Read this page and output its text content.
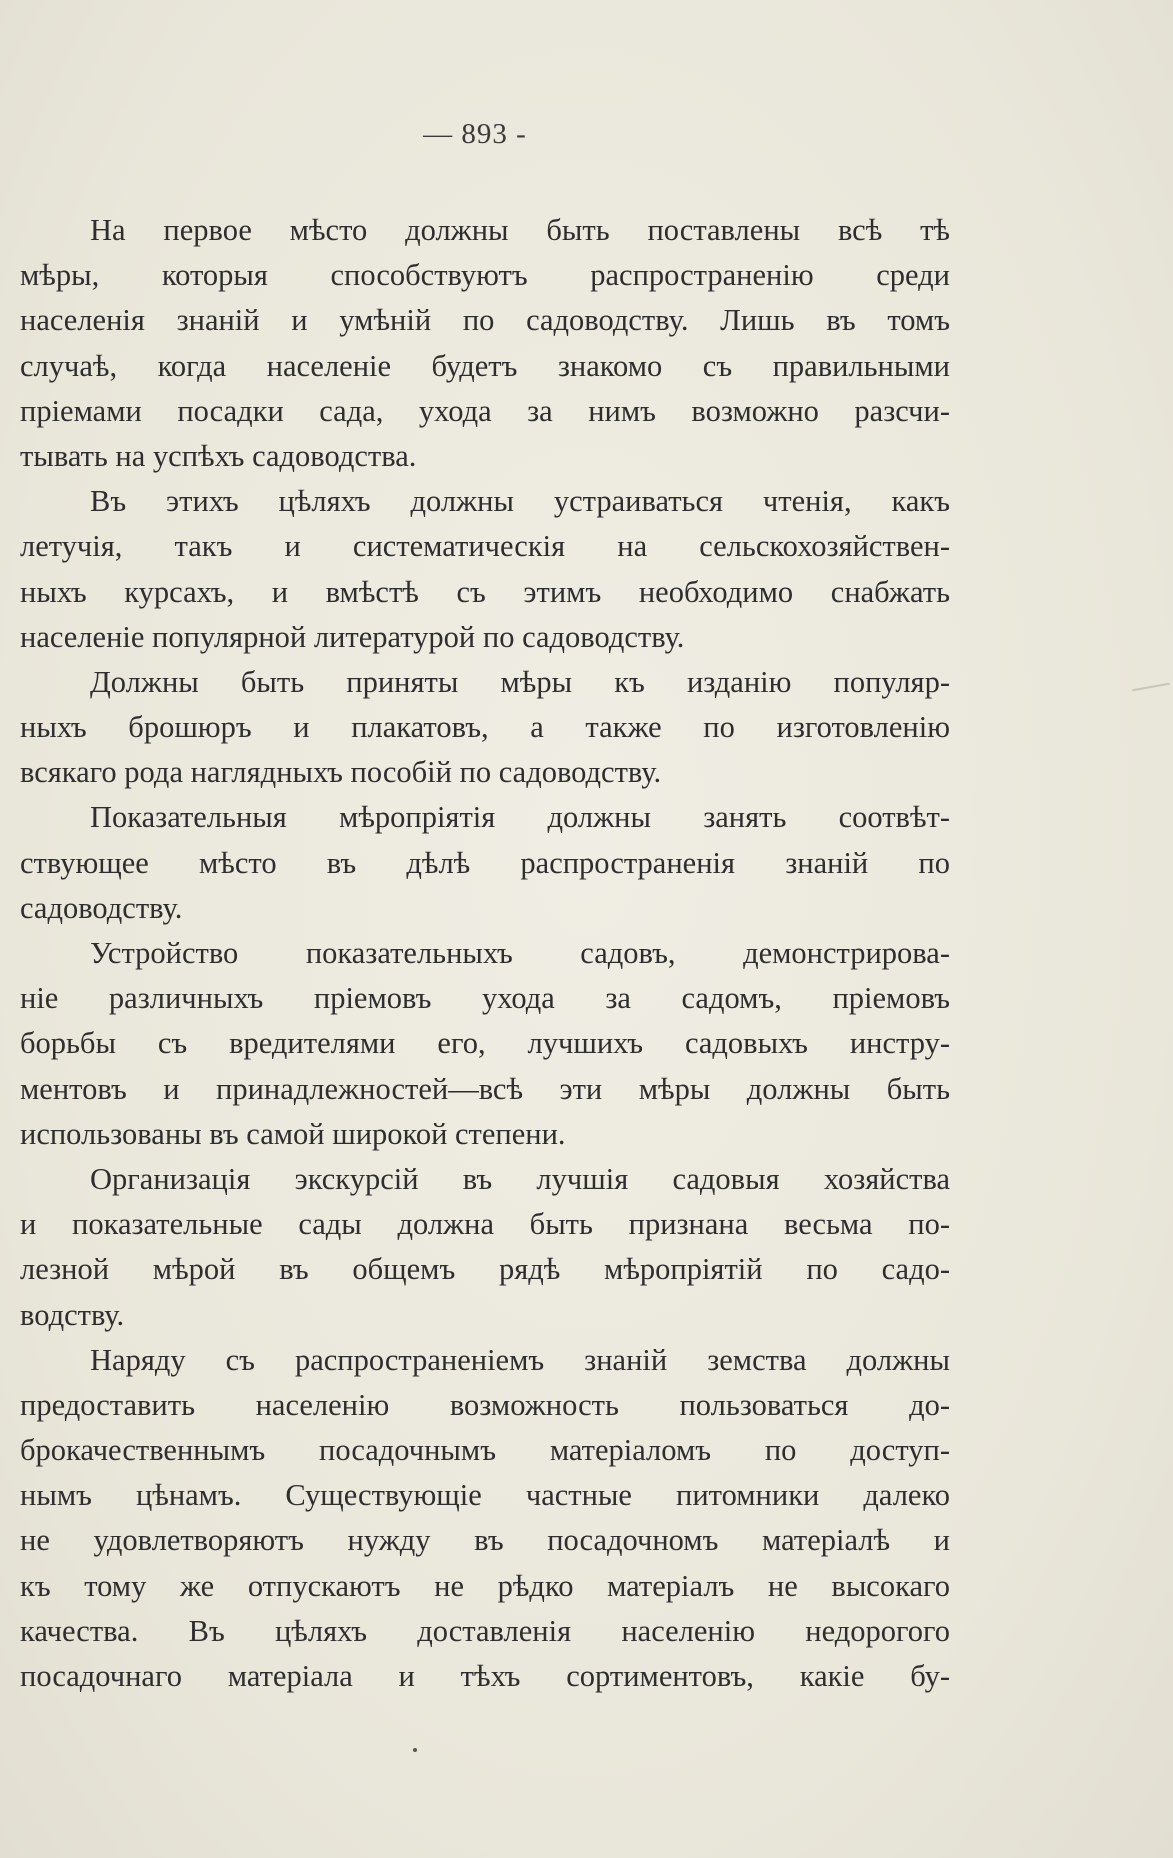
— 893 -
На первое мѣсто должны быть поставлены всѣ тѣ
мѣры, которыя способствуютъ распространенію среди
населенія знаній и умѣній по садоводству. Лишь въ томъ
случаѣ, когда населеніе будетъ знакомо съ правильными
пріемами посадки сада, ухода за нимъ возможно разсчи-
тывать на успѣхъ садоводства.
Въ этихъ цѣляхъ должны устраиваться чтенія, какъ
летучія, такъ и систематическія на сельскохозяйствен-
ныхъ курсахъ, и вмѣстѣ съ этимъ необходимо снабжать
населеніе популярной литературой по садоводству.
Должны быть приняты мѣры къ изданію популяр-
ныхъ брошюръ и плакатовъ, а также по изготовленію
всякаго рода наглядныхъ пособій по садоводству.
Показательныя мѣропріятія должны занять соотвѣт-
ствующее мѣсто въ дѣлѣ распространенія знаній по
садоводству.
Устройство показательныхъ садовъ, демонстрирова-
ніе различныхъ пріемовъ ухода за садомъ, пріемовъ
борьбы съ вредителями его, лучшихъ садовыхъ инстру-
ментовъ и принадлежностей—всѣ эти мѣры должны быть
использованы въ самой широкой степени.
Организація экскурсій въ лучшія садовыя хозяйства
и показательные сады должна быть признана весьма по-
лезной мѣрой въ общемъ рядѣ мѣропріятій по садо-
водству.
Наряду съ распространеніемъ знаній земства должны
предоставить населенію возможность пользоваться до-
брокачественнымъ посадочнымъ матеріаломъ по доступ-
нымъ цѣнамъ. Существующіе частные питомники далеко
не удовлетворяютъ нужду въ посадочномъ матеріалѣ и
къ тому же отпускаютъ не рѣдко матеріалъ не высокаго
качества. Въ цѣляхъ доставленія населенію недорогого
посадочнаго матеріала и тѣхъ сортиментовъ, какіе бу-
